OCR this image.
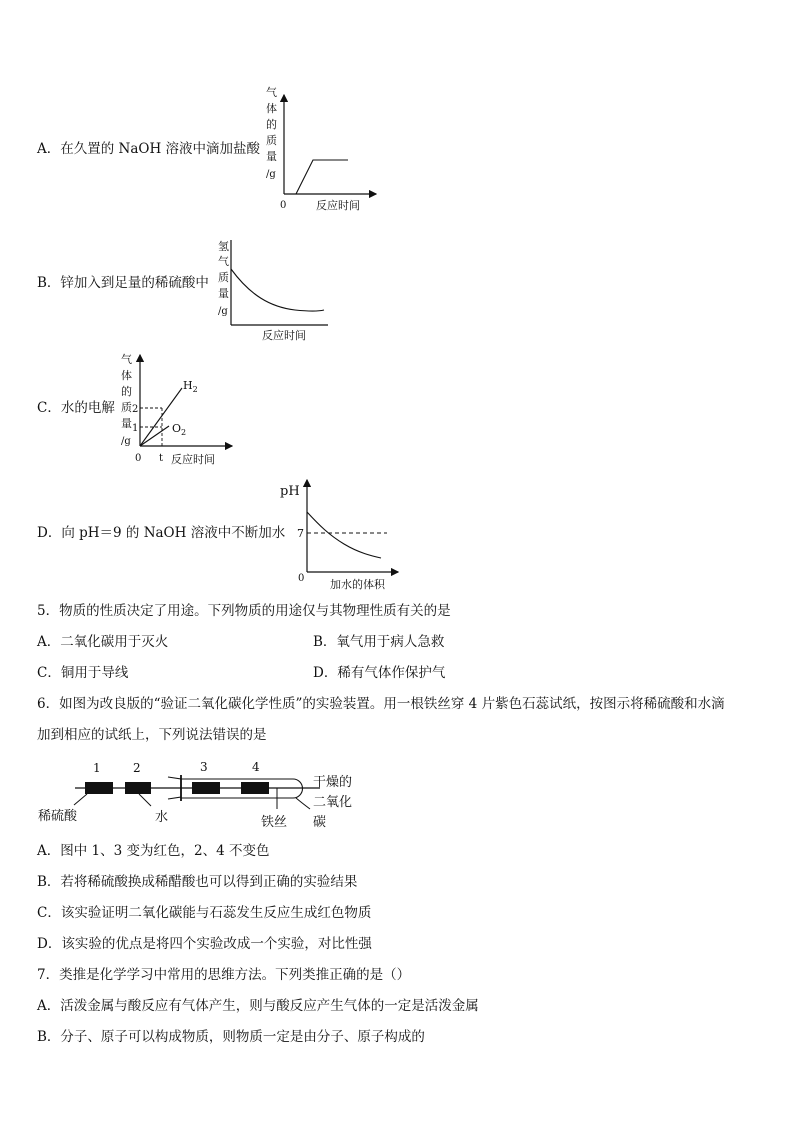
A．在久置的 NaOH 溶液中滴加盐酸
气
体
的
质
量
/g
0	反应时间
B．锌加入到足量的稀硫酸中
氢
气
质
量
/g
反应时间
C．水的电解
气
体
的
质
量
/g
2
1
0 t 反应时间
$H_2$
$O_2$
D．向 pH＝9 的 NaOH 溶液中不断加水
pH
7
0 加水的体积
5．物质的性质决定了用途。下列物质的用途仅与其物理性质有关的是
A．二氧化碳用于灭火	B．氧气用于病人急救
C．铜用于导线	D．稀有气体作保护气
6．如图为改良版的“验证二氧化碳化学性质”的实验装置。用一根铁丝穿 4 片紫色石蕊试纸，按图示将稀硫酸和水滴
加到相应的试纸上，下列说法错误的是
1	2	3	4
稀硫酸	水	铁丝
干燥的
二氧化
碳
A．图中 1、3 变为红色，2、4 不变色
B．若将稀硫酸换成稀醋酸也可以得到正确的实验结果
C．该实验证明二氧化碳能与石蕊发生反应生成红色物质
D．该实验的优点是将四个实验改成一个实验，对比性强
7．类推是化学学习中常用的思维方法。下列类推正确的是（）
A．活泼金属与酸反应有气体产生，则与酸反应产生气体的一定是活泼金属
B．分子、原子可以构成物质，则物质一定是由分子、原子构成的
